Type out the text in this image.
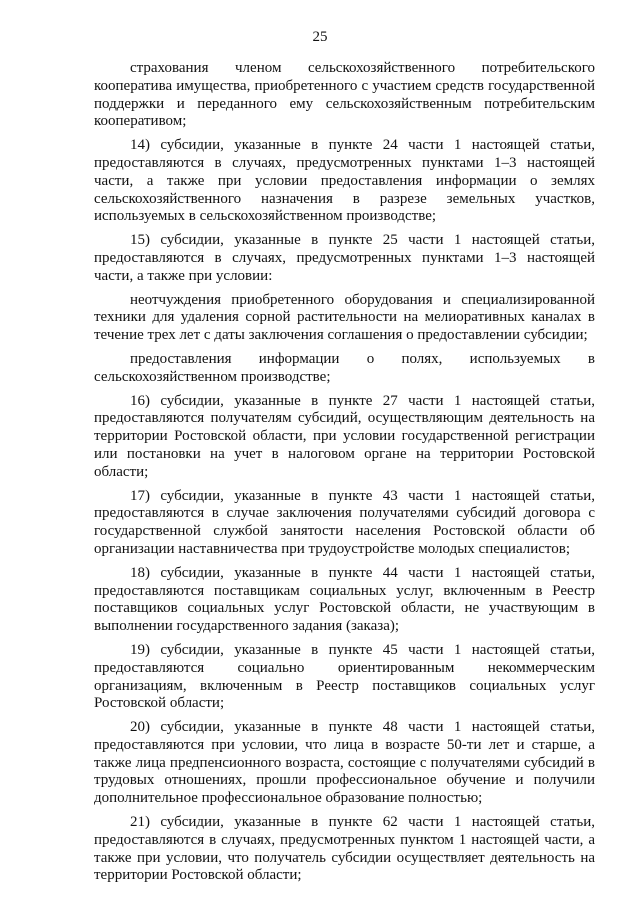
25

страхования членом сельскохозяйственного потребительского кооператива имущества, приобретенного с участием средств государственной поддержки и переданного ему сельскохозяйственным потребительским кооперативом;

14) субсидии, указанные в пункте 24 части 1 настоящей статьи, предоставляются в случаях, предусмотренных пунктами 1–3 настоящей части, а также при условии предоставления информации о землях сельскохозяйственного назначения в разрезе земельных участков, используемых в сельскохозяйственном производстве;

15) субсидии, указанные в пункте 25 части 1 настоящей статьи, предоставляются в случаях, предусмотренных пунктами 1–3 настоящей части, а также при условии:

неотчуждения приобретенного оборудования и специализированной техники для удаления сорной растительности на мелиоративных каналах в течение трех лет с даты заключения соглашения о предоставлении субсидии;

предоставления информации о полях, используемых в сельскохозяйственном производстве;

16) субсидии, указанные в пункте 27 части 1 настоящей статьи, предоставляются получателям субсидий, осуществляющим деятельность на территории Ростовской области, при условии государственной регистрации или постановки на учет в налоговом органе на территории Ростовской области;

17) субсидии, указанные в пункте 43 части 1 настоящей статьи, предоставляются в случае заключения получателями субсидий договора с государственной службой занятости населения Ростовской области об организации наставничества при трудоустройстве молодых специалистов;

18) субсидии, указанные в пункте 44 части 1 настоящей статьи, предоставляются поставщикам социальных услуг, включенным в Реестр поставщиков социальных услуг Ростовской области, не участвующим в выполнении государственного задания (заказа);

19) субсидии, указанные в пункте 45 части 1 настоящей статьи, предоставляются социально ориентированным некоммерческим организациям, включенным в Реестр поставщиков социальных услуг Ростовской области;

20) субсидии, указанные в пункте 48 части 1 настоящей статьи, предоставляются при условии, что лица в возрасте 50-ти лет и старше, а также лица предпенсионного возраста, состоящие с получателями субсидий в трудовых отношениях, прошли профессиональное обучение и получили дополнительное профессиональное образование полностью;

21) субсидии, указанные в пункте 62 части 1 настоящей статьи, предоставляются в случаях, предусмотренных пунктом 1 настоящей части, а также при условии, что получатель субсидии осуществляет деятельность на территории Ростовской области;
